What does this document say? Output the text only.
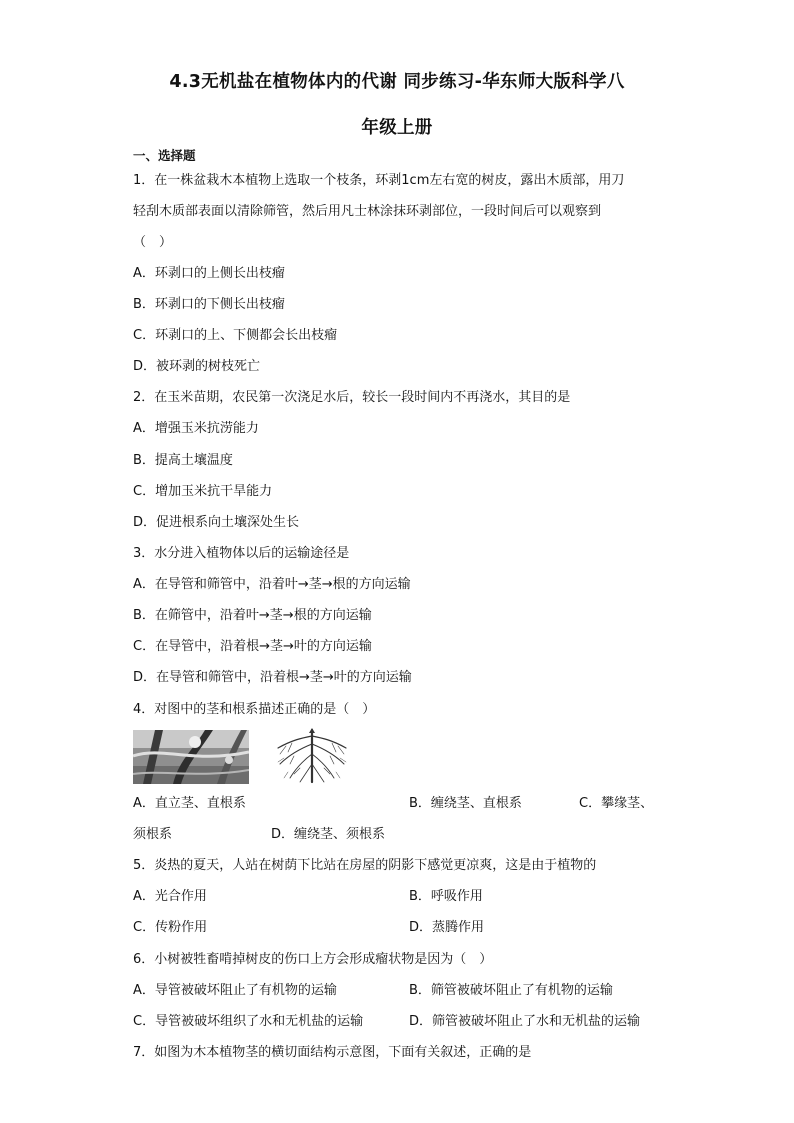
4.3无机盐在植物体内的代谢 同步练习-华东师大版科学八
年级上册
一、选择题
1．在一株盆栽木本植物上选取一个枝条，环剥1cm左右宽的树皮，露出木质部，用刀
轻刮木质部表面以清除筛管，然后用凡士林涂抹环剥部位，一段时间后可以观察到
（　）
A．环剥口的上侧长出枝瘤
B．环剥口的下侧长出枝瘤
C．环剥口的上、下侧都会长出枝瘤
D．被环剥的树枝死亡
2．在玉米苗期，农民第一次浇足水后，较长一段时间内不再浇水，其目的是
A．增强玉米抗涝能力
B．提高土壤温度
C．增加玉米抗干旱能力
D．促进根系向土壤深处生长
3．水分进入植物体以后的运输途径是
A．在导管和筛管中，沿着叶→茎→根的方向运输
B．在筛管中，沿着叶→茎→根的方向运输
C．在导管中，沿着根→茎→叶的方向运输
D．在导管和筛管中，沿着根→茎→叶的方向运输
4．对图中的茎和根系描述正确的是（　）
A．直立茎、直根系	B．缠绕茎、直根系	C．攀缘茎、
须根系	D．缠绕茎、须根系
5．炎热的夏天，人站在树荫下比站在房屋的阴影下感觉更凉爽，这是由于植物的
A．光合作用	B．呼吸作用
C．传粉作用	D．蒸腾作用
6．小树被牲畜啃掉树皮的伤口上方会形成瘤状物是因为（　）
A．导管被破坏阻止了有机物的运输	B．筛管被破坏阻止了有机物的运输
C．导管被破坏组织了水和无机盐的运输	D．筛管被破坏阻止了水和无机盐的运输
7．如图为木本植物茎的横切面结构示意图，下面有关叙述，正确的是
